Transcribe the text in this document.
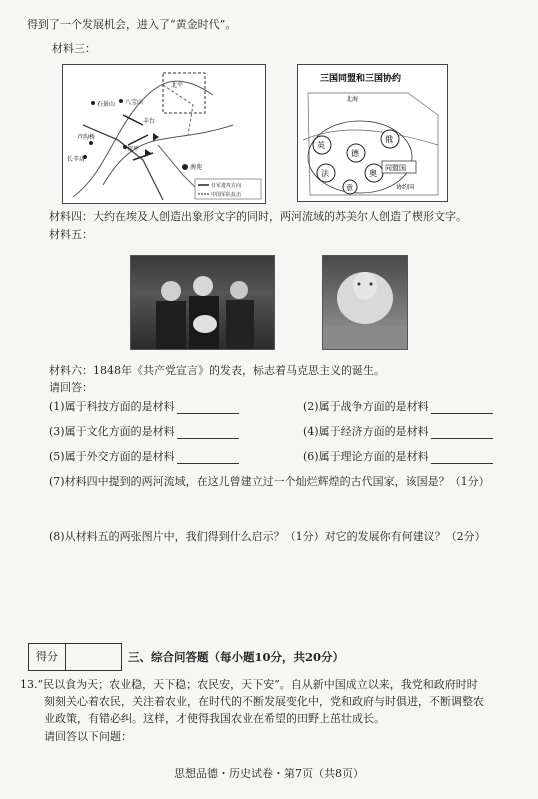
得到了一个发展机会，进入了“黄金时代”。
材料三：
石景山 八宝山
卢沟桥
宛平
长辛店
北平
南苑
丰台
日军进攻方向
中国军队抗击
三国同盟和三国协约
北海
英
法
德
奥
俄
意
同盟国
协约国
材料四：大约在埃及人创造出象形文字的同时，两河流域的苏美尔人创造了楔形文字。
材料五：
材料六：1848年《共产党宣言》的发表，标志着马克思主义的诞生。
请回答：
(1)属于科技方面的是材料	(2)属于战争方面的是材料
(3)属于文化方面的是材料	(4)属于经济方面的是材料
(5)属于外交方面的是材料	(6)属于理论方面的是材料
(7)材料四中提到的两河流域，在这儿曾建立过一个灿烂辉煌的古代国家，该国是？（1分）
(8)从材料五的两张图片中，我们得到什么启示？（1分）对它的发展你有何建议？（2分）
得分	三、综合问答题（每小题10分，共20分）
13.“民以食为天；农业稳，天下稳；农民安，天下安”。自从新中国成立以来，我党和政府时时
刻刻关心着农民，关注着农业，在时代的不断发展变化中，党和政府与时俱进，不断调整农
业政策，有错必纠。这样，才使得我国农业在希望的田野上茁壮成长。
请回答以下问题：
思想品德・历史试卷・第7页（共8页）
